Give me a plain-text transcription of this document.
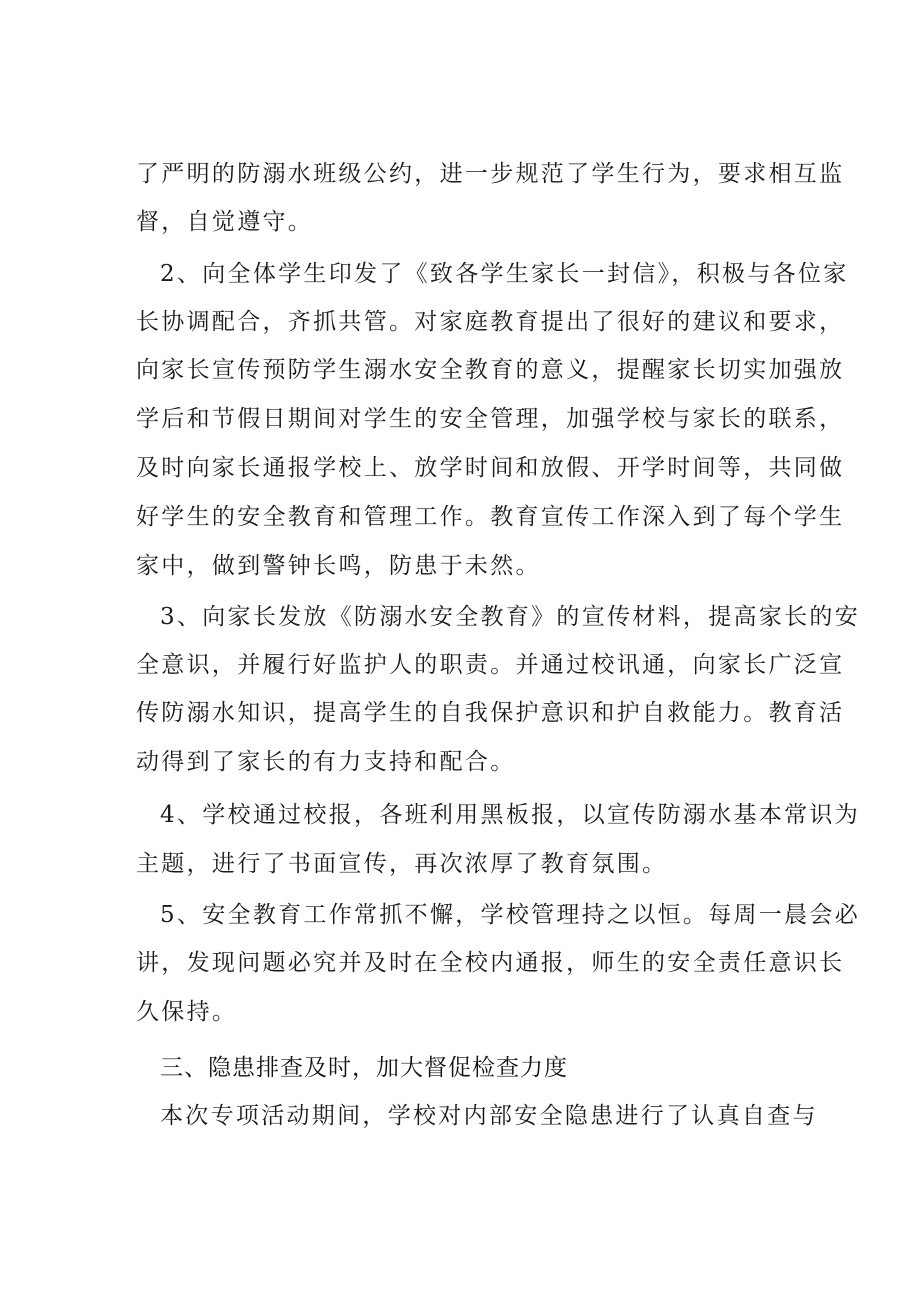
了严明的防溺水班级公约，进一步规范了学生行为，要求相互监
督，自觉遵守。
2、向全体学生印发了《致各学生家长一封信》，积极与各位家
长协调配合，齐抓共管。对家庭教育提出了很好的建议和要求，
向家长宣传预防学生溺水安全教育的意义，提醒家长切实加强放
学后和节假日期间对学生的安全管理，加强学校与家长的联系，
及时向家长通报学校上、放学时间和放假、开学时间等，共同做
好学生的安全教育和管理工作。教育宣传工作深入到了每个学生
家中，做到警钟长鸣，防患于未然。
3、向家长发放《防溺水安全教育》的宣传材料，提高家长的安
全意识，并履行好监护人的职责。并通过校讯通，向家长广泛宣
传防溺水知识，提高学生的自我保护意识和护自救能力。教育活
动得到了家长的有力支持和配合。
4、学校通过校报，各班利用黑板报，以宣传防溺水基本常识为
主题，进行了书面宣传，再次浓厚了教育氛围。
5、安全教育工作常抓不懈，学校管理持之以恒。每周一晨会必
讲，发现问题必究并及时在全校内通报，师生的安全责任意识长
久保持。
三、隐患排查及时，加大督促检查力度
本次专项活动期间，学校对内部安全隐患进行了认真自查与
